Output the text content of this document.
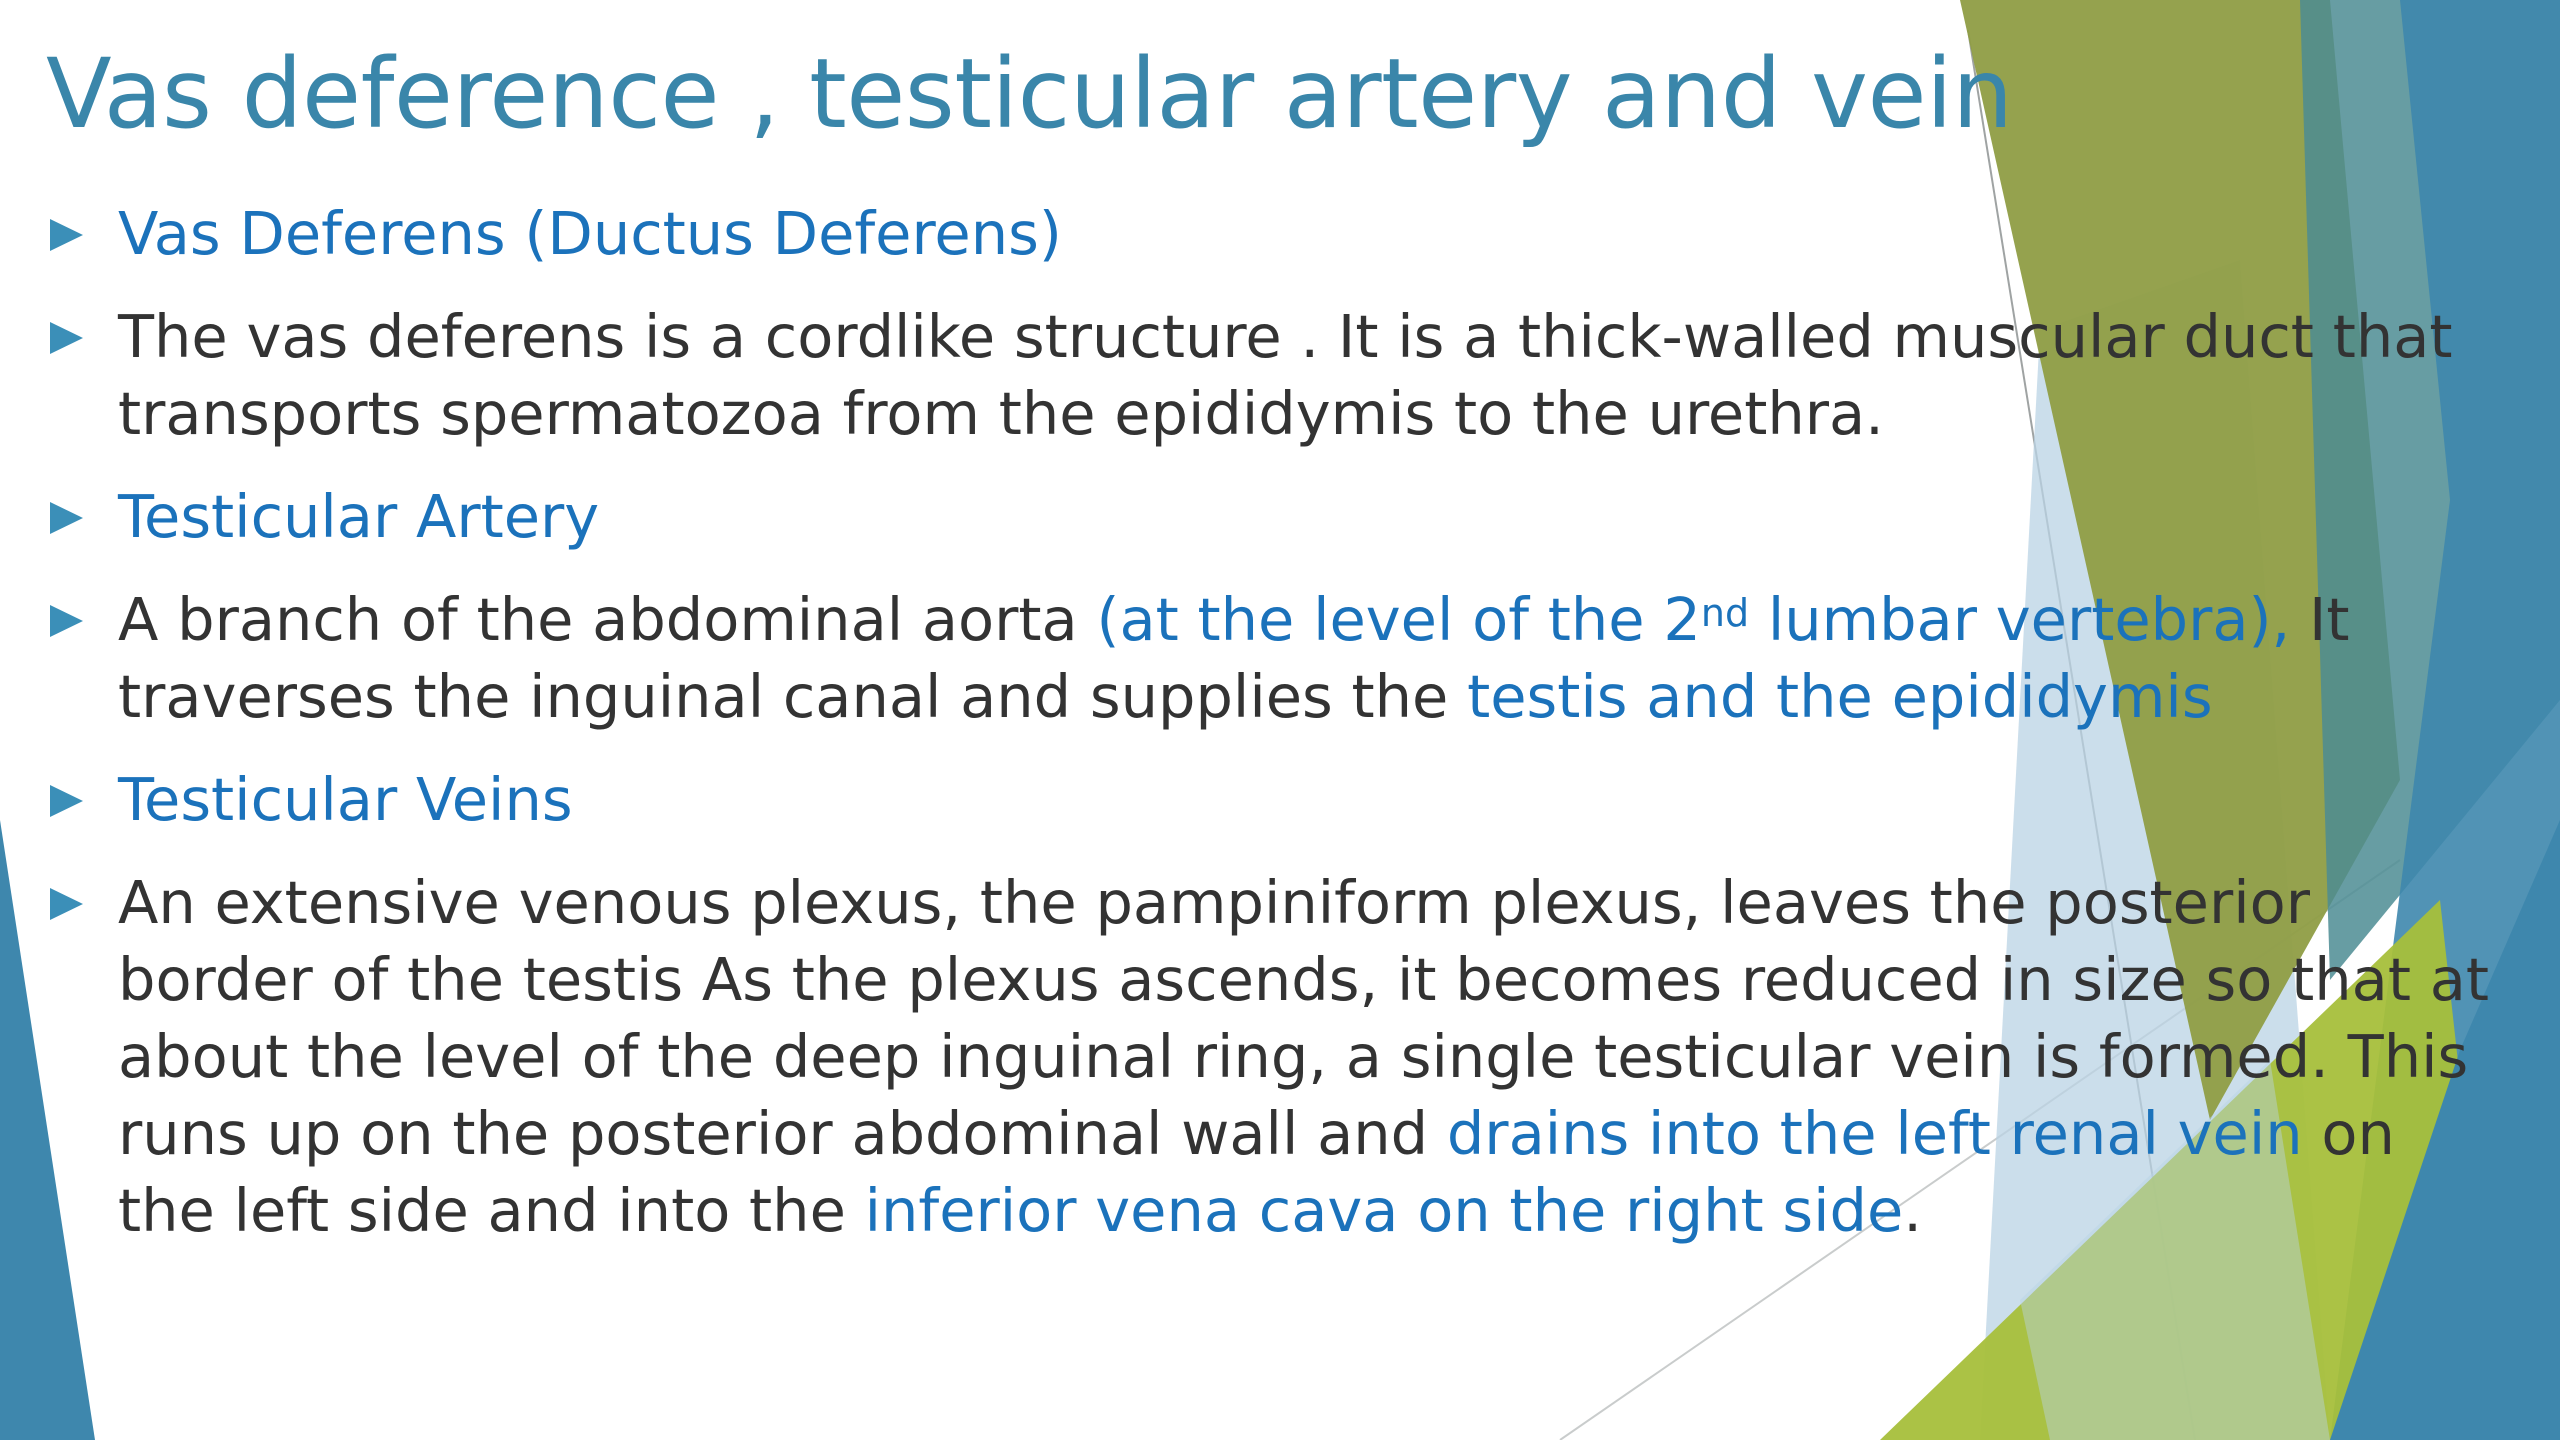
Vas deference , testicular artery and vein
Vas Deferens (Ductus Deferens)
The vas deferens is a cordlike structure . It is a thick-walled muscular duct that transports spermatozoa from the epididymis to the urethra.
Testicular Artery
A branch of the abdominal aorta (at the level of the 2nd lumbar vertebra), It traverses the inguinal canal and supplies the testis and the epididymis
Testicular Veins
An extensive venous plexus, the pampiniform plexus, leaves the posterior border of the testis As the plexus ascends, it becomes reduced in size so that at about the level of the deep inguinal ring, a single testicular vein is formed. This runs up on the posterior abdominal wall and drains into the left renal vein on the left side and into the inferior vena cava on the right side.
